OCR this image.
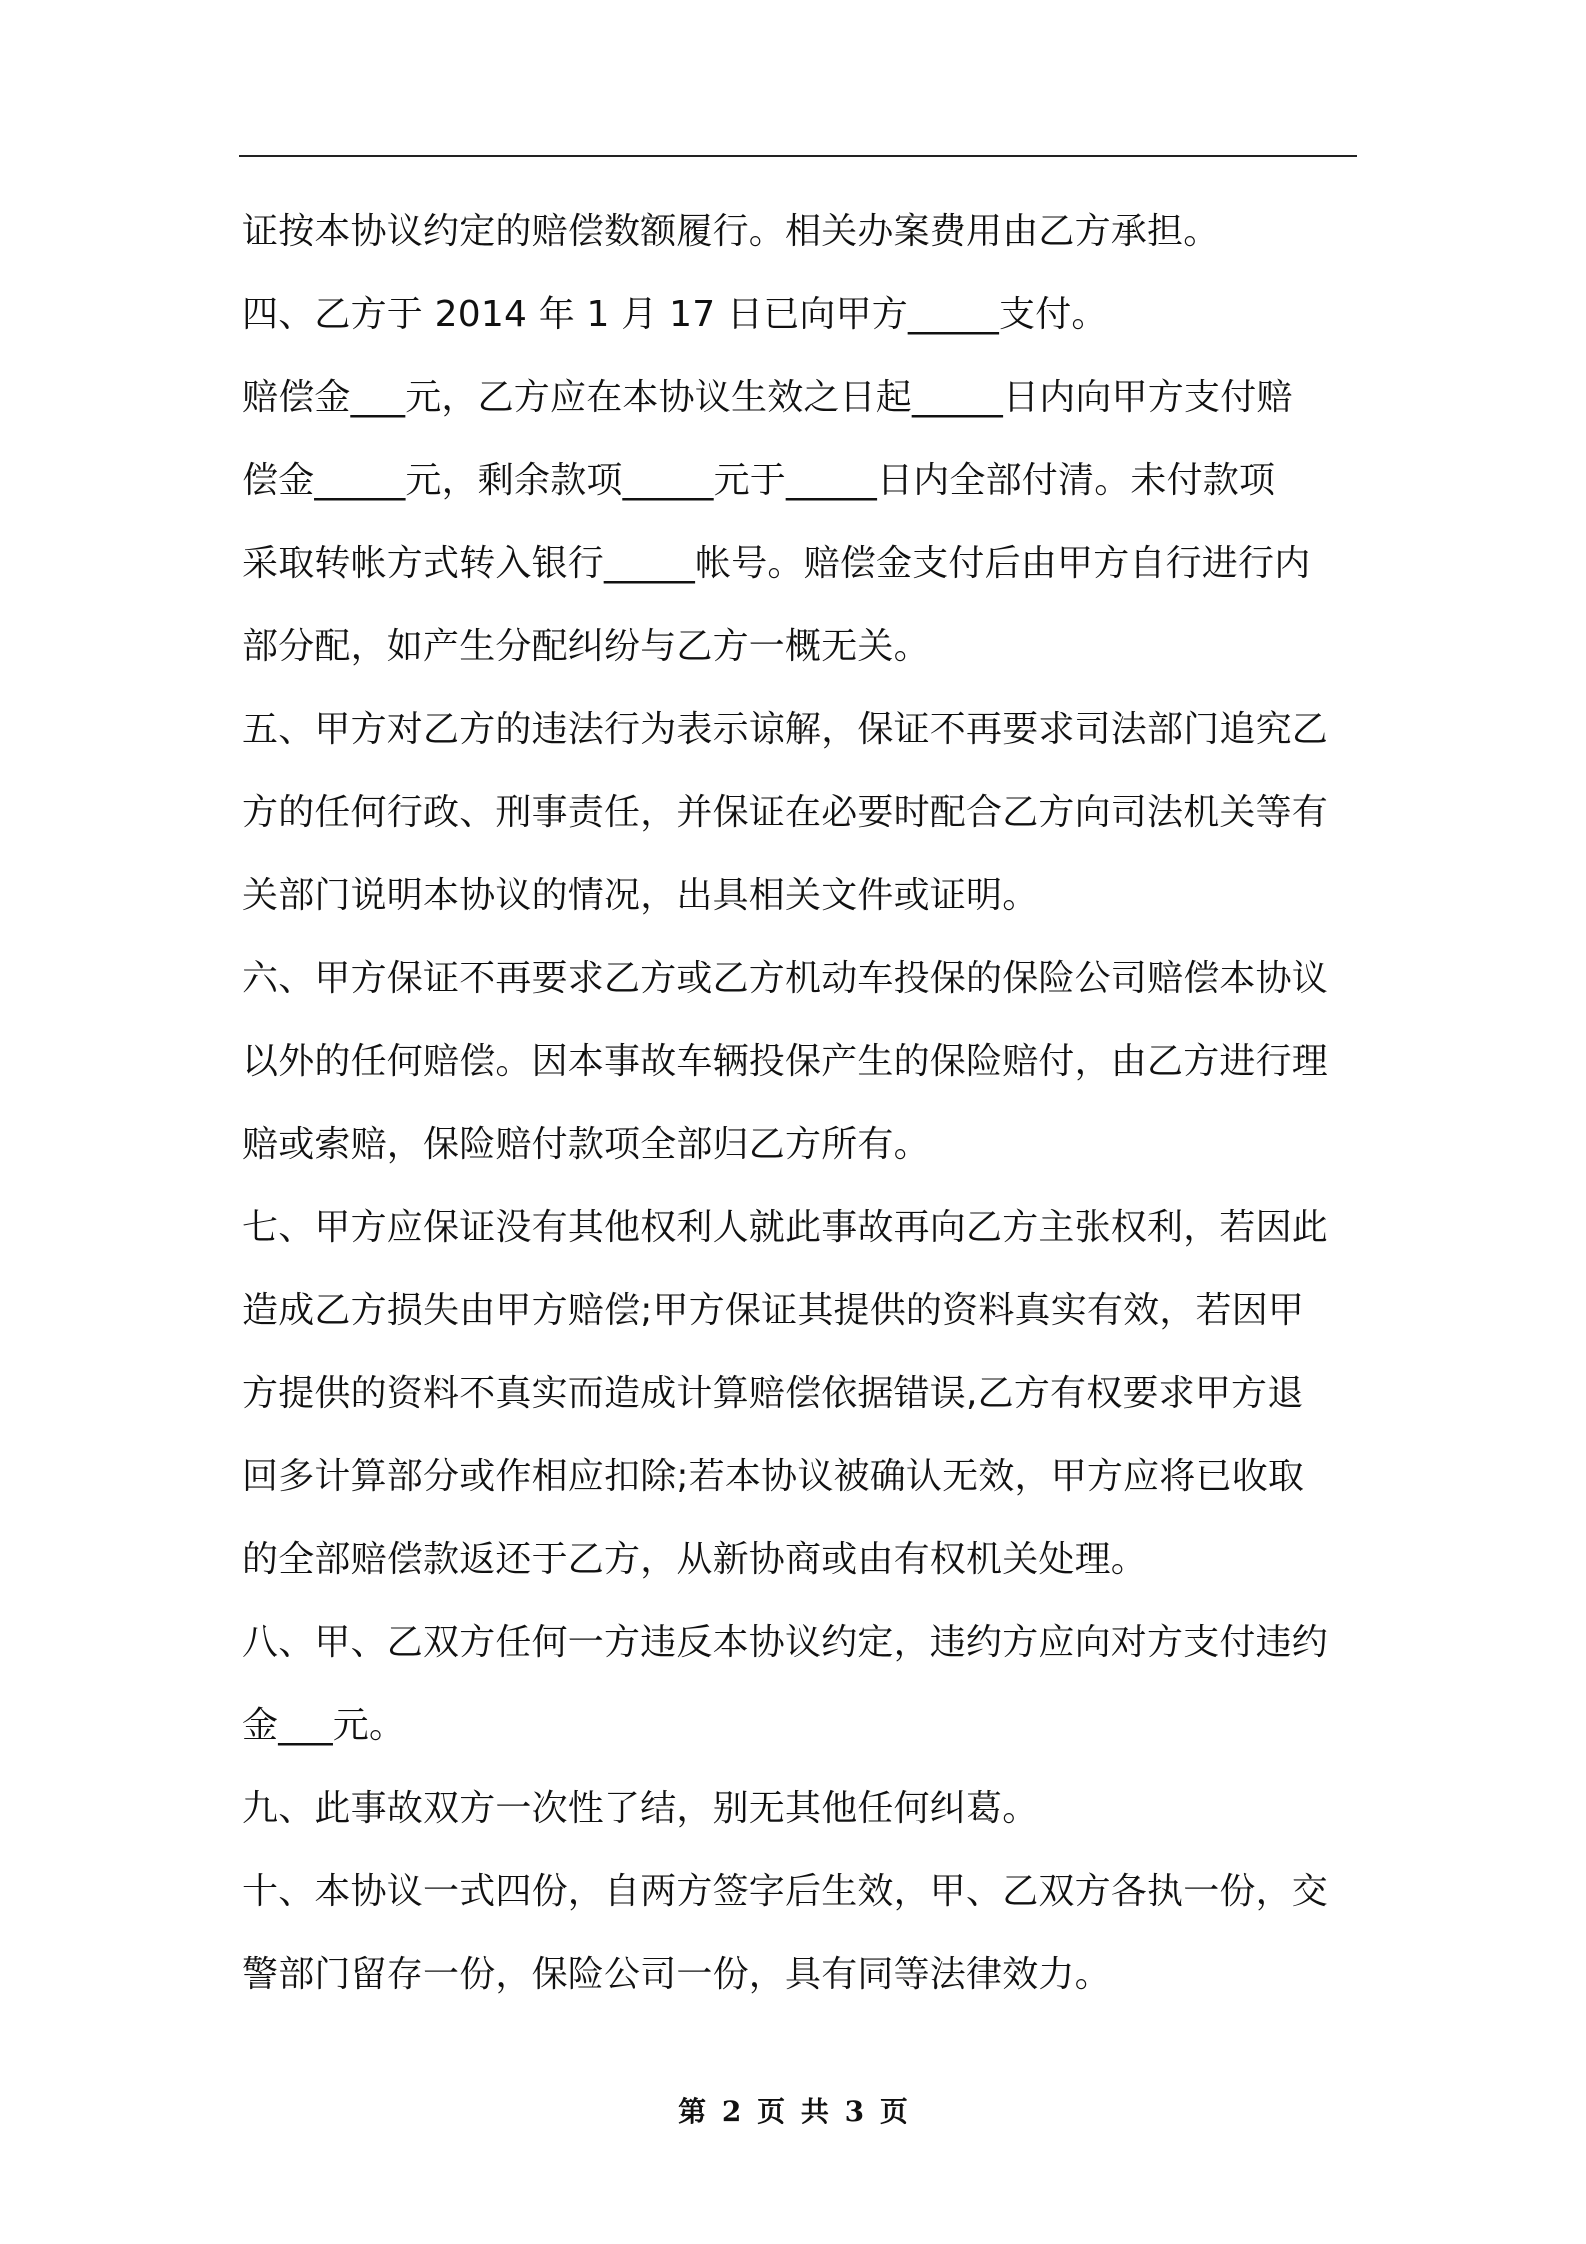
证按本协议约定的赔偿数额履行。相关办案费用由乙方承担。
四、乙方于 2014 年 1 月 17 日已向甲方_____支付。
赔偿金___元，乙方应在本协议生效之日起_____日内向甲方支付赔
偿金_____元，剩余款项_____元于_____日内全部付清。未付款项
采取转帐方式转入银行_____帐号。赔偿金支付后由甲方自行进行内
部分配，如产生分配纠纷与乙方一概无关。
五、甲方对乙方的违法行为表示谅解，保证不再要求司法部门追究乙
方的任何行政、刑事责任，并保证在必要时配合乙方向司法机关等有
关部门说明本协议的情况，出具相关文件或证明。
六、甲方保证不再要求乙方或乙方机动车投保的保险公司赔偿本协议
以外的任何赔偿。因本事故车辆投保产生的保险赔付，由乙方进行理
赔或索赔，保险赔付款项全部归乙方所有。
七、甲方应保证没有其他权利人就此事故再向乙方主张权利，若因此
造成乙方损失由甲方赔偿;甲方保证其提供的资料真实有效，若因甲
方提供的资料不真实而造成计算赔偿依据错误,乙方有权要求甲方退
回多计算部分或作相应扣除;若本协议被确认无效，甲方应将已收取
的全部赔偿款返还于乙方，从新协商或由有权机关处理。
八、甲、乙双方任何一方违反本协议约定，违约方应向对方支付违约
金___元。
九、此事故双方一次性了结，别无其他任何纠葛。
十、本协议一式四份，自两方签字后生效，甲、乙双方各执一份，交
警部门留存一份，保险公司一份，具有同等法律效力。
第 2 页 共 3 页
